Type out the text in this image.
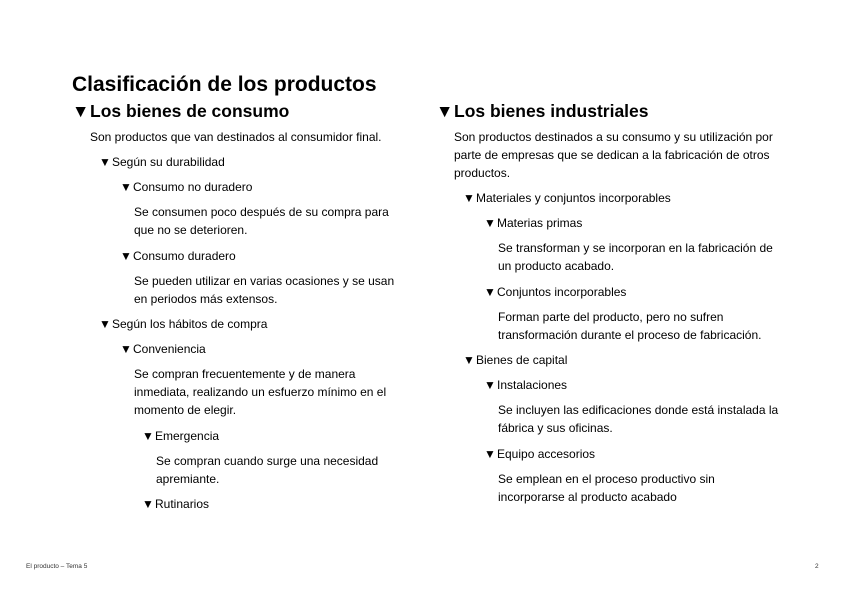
Clasificación de los productos
▼Los bienes de consumo
Son productos que van destinados al consumidor final.
▼Según su durabilidad
▼Consumo no duradero
Se consumen poco después de su compra para que no se deterioren.
▼Consumo duradero
Se pueden utilizar en varias ocasiones y se usan en periodos más extensos.
▼Según los hábitos de compra
▼Conveniencia
Se compran frecuentemente y de manera inmediata, realizando un esfuerzo mínimo en el momento de elegir.
▼Emergencia
Se compran cuando surge una necesidad apremiante.
▼Rutinarios
▼Los bienes industriales
Son productos destinados a su consumo y su utilización por parte de empresas que se dedican a la fabricación de otros productos.
▼Materiales y conjuntos incorporables
▼Materias primas
Se transforman y se incorporan en la fabricación de un producto acabado.
▼Conjuntos incorporables
Forman parte del producto, pero no sufren transformación durante el proceso de fabricación.
▼Bienes de capital
▼Instalaciones
Se incluyen las edificaciones donde está instalada la fábrica y sus oficinas.
▼Equipo accesorios
Se emplean en el proceso productivo sin incorporarse al producto acabado
El producto – Tema 5	2
